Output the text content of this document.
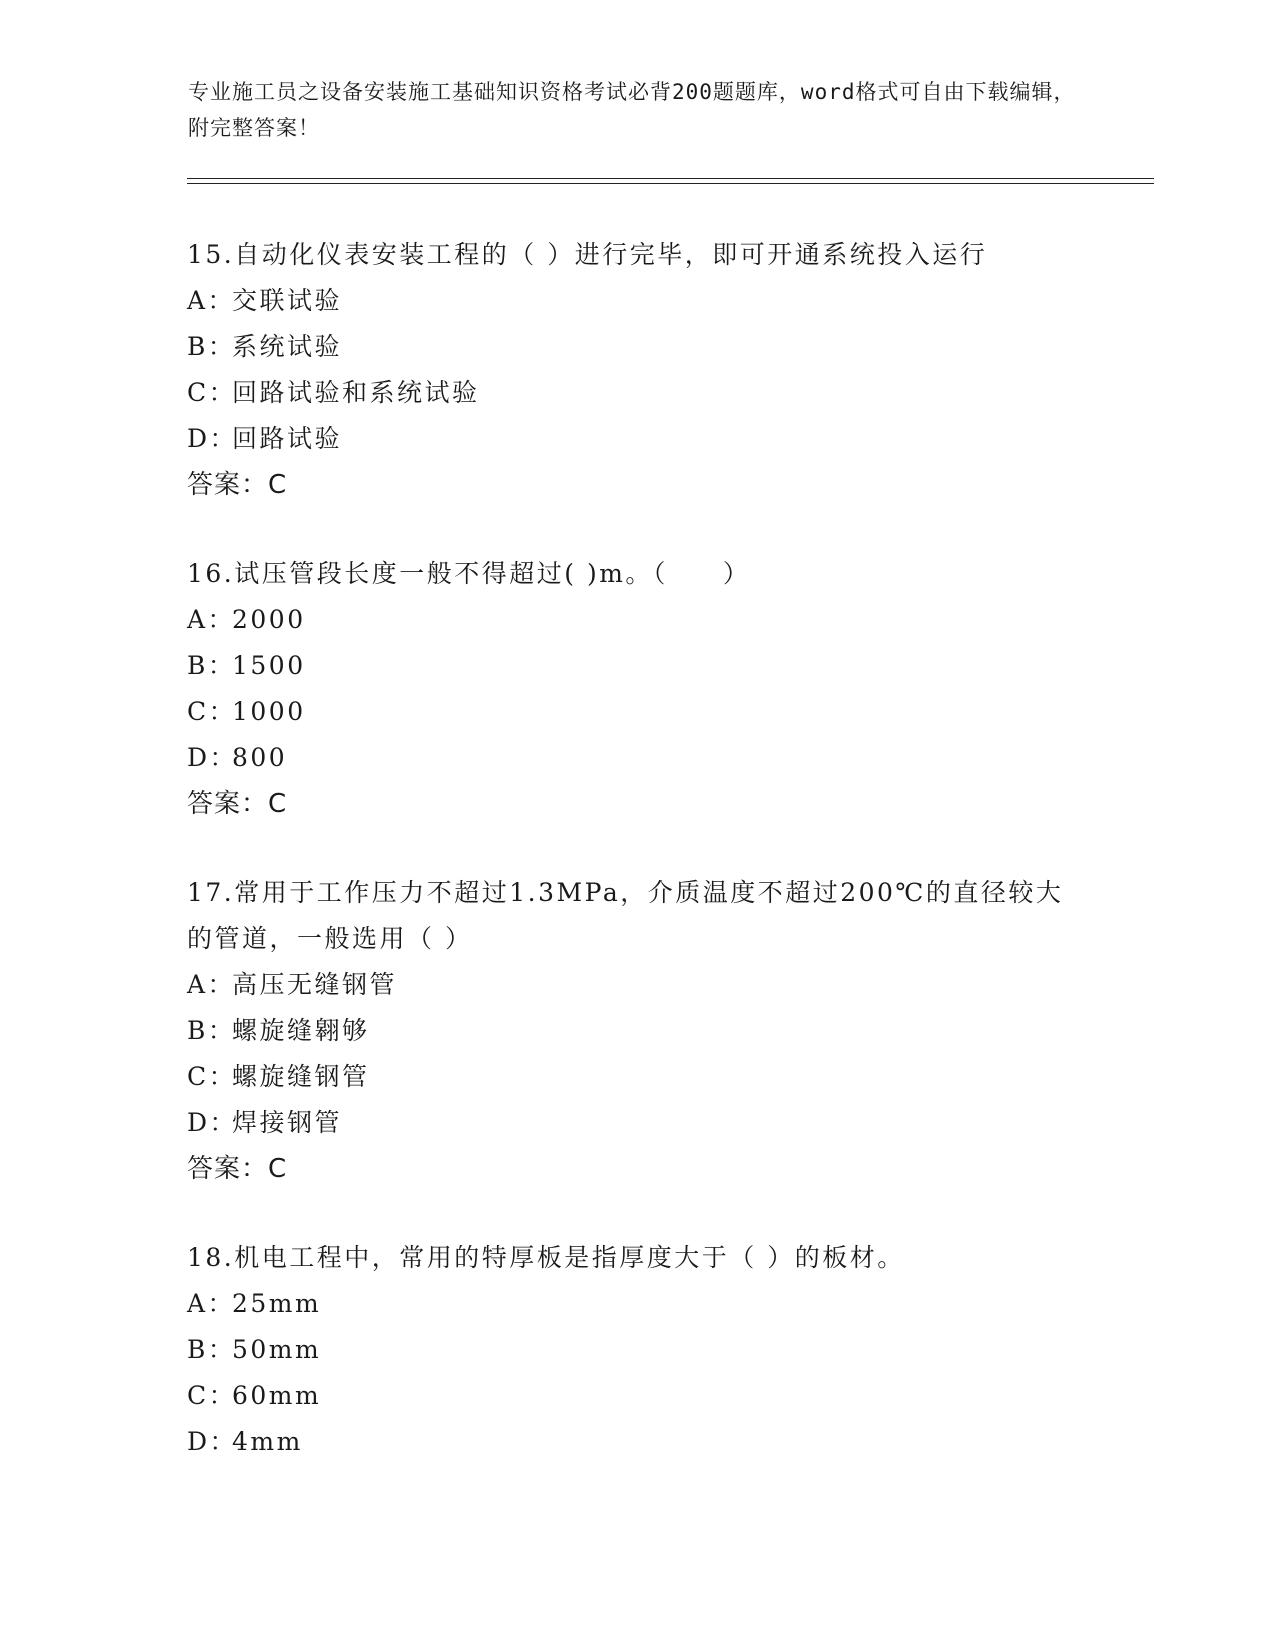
专业施工员之设备安装施工基础知识资格考试必背200题题库，word格式可自由下载编辑，附完整答案！
15.自动化仪表安装工程的（ ）进行完毕，即可开通系统投入运行
A：交联试验
B：系统试验
C：回路试验和系统试验
D：回路试验
答案：C
16.试压管段长度一般不得超过( )m。（　　）
A：2000
B：1500
C：1000
D：800
答案：C
17.常用于工作压力不超过1.3MPa，介质温度不超过200℃的直径较大的管道，一般选用（ ）
A：高压无缝钢管
B：螺旋缝翱够
C：螺旋缝钢管
D：焊接钢管
答案：C
18.机电工程中，常用的特厚板是指厚度大于（ ）的板材。
A：25mm
B：50mm
C：60mm
D：4mm
